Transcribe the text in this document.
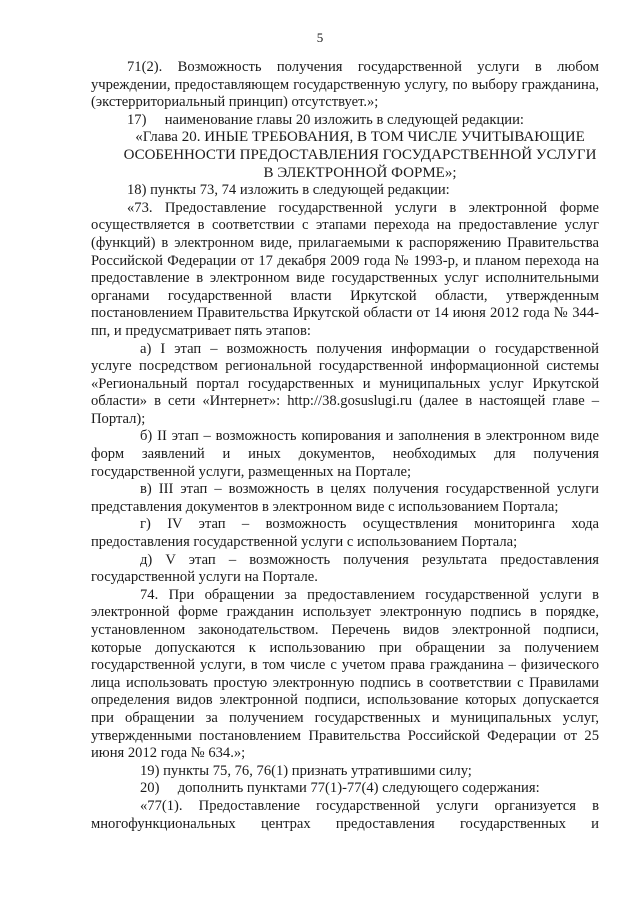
5

71(2). Возможность получения государственной услуги в любом учреждении, предоставляющем государственную услугу, по выбору гражданина, (экстерриториальный принцип) отсутствует.»;

17)     наименование главы 20 изложить в следующей редакции:

«Глава 20. ИНЫЕ ТРЕБОВАНИЯ, В ТОМ ЧИСЛЕ УЧИТЫВАЮЩИЕ ОСОБЕННОСТИ ПРЕДОСТАВЛЕНИЯ ГОСУДАРСТВЕННОЙ УСЛУГИ В ЭЛЕКТРОННОЙ ФОРМЕ»;

18) пункты 73, 74 изложить в следующей редакции:

«73. Предоставление государственной услуги в электронной форме осуществляется в соответствии с этапами перехода на предоставление услуг (функций) в электронном виде, прилагаемыми к распоряжению Правительства Российской Федерации от 17 декабря 2009 года № 1993-р, и планом перехода на предоставление в электронном виде государственных услуг исполнительными органами государственной власти Иркутской области, утвержденным постановлением Правительства Иркутской области от 14 июня 2012 года № 344-пп, и предусматривает пять этапов:

а) I этап – возможность получения информации о государственной услуге посредством региональной государственной информационной системы «Региональный портал государственных и муниципальных услуг Иркутской области» в сети «Интернет»: http://38.gosuslugi.ru (далее в настоящей главе – Портал);

б) II этап – возможность копирования и заполнения в электронном виде форм заявлений и иных документов, необходимых для получения государственной услуги, размещенных на Портале;

в) III этап – возможность в целях получения государственной услуги представления документов в электронном виде с использованием Портала;

г) IV этап – возможность осуществления мониторинга хода предоставления государственной услуги с использованием Портала;

д) V этап – возможность получения результата предоставления государственной услуги на Портале.

74. При обращении за предоставлением государственной услуги в электронной форме гражданин использует электронную подпись в порядке, установленном законодательством. Перечень видов электронной подписи, которые допускаются к использованию при обращении за получением государственной услуги, в том числе с учетом права гражданина – физического лица использовать простую электронную подпись в соответствии с Правилами определения видов электронной подписи, использование которых допускается при обращении за получением государственных и муниципальных услуг, утвержденными постановлением Правительства Российской Федерации от 25 июня 2012 года № 634.»;

19) пункты 75, 76, 76(1) признать утратившими силу;

20)     дополнить пунктами 77(1)-77(4) следующего содержания:

«77(1). Предоставление государственной услуги организуется в многофункциональных центрах предоставления государственных и
